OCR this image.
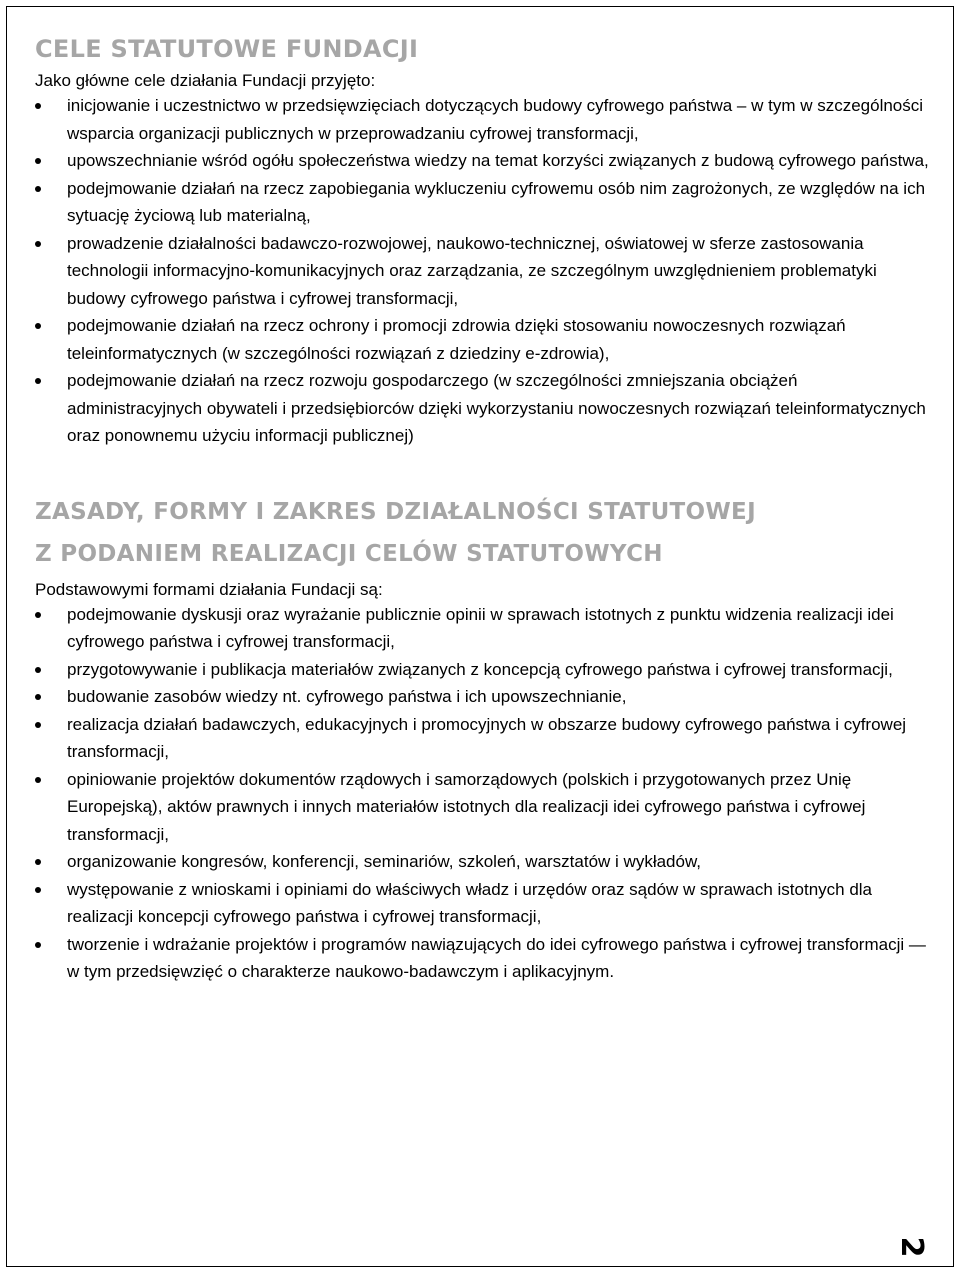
CELE STATUTOWE FUNDACJI

Jako główne cele działania Fundacji przyjęto:

inicjowanie i uczestnictwo w przedsięwzięciach dotyczących budowy cyfrowego państwa – w tym w szczególności wsparcia organizacji publicznych w przeprowadzaniu cyfrowej transformacji,
upowszechnianie wśród ogółu społeczeństwa wiedzy na temat korzyści związanych z budową cyfrowego państwa,
podejmowanie działań na rzecz zapobiegania wykluczeniu cyfrowemu osób nim zagrożonych, ze względów na ich sytuację życiową lub materialną,
prowadzenie działalności badawczo-rozwojowej, naukowo-technicznej, oświatowej w sferze zastosowania technologii informacyjno-komunikacyjnych oraz zarządzania, ze szczególnym uwzględnieniem problematyki budowy cyfrowego państwa i cyfrowej transformacji,
podejmowanie działań na rzecz ochrony i promocji zdrowia dzięki stosowaniu nowoczesnych rozwiązań teleinformatycznych (w szczególności rozwiązań z dziedziny e-zdrowia),
podejmowanie działań na rzecz rozwoju gospodarczego (w szczególności zmniejszania obciążeń administracyjnych obywateli i przedsiębiorców dzięki wykorzystaniu nowoczesnych rozwiązań teleinformatycznych oraz ponownemu użyciu informacji publicznej)
ZASADY, FORMY I ZAKRES DZIAŁALNOŚCI STATUTOWEJ
Z PODANIEM REALIZACJI CELÓW STATUTOWYCH

Podstawowymi formami działania Fundacji są:

podejmowanie dyskusji oraz wyrażanie publicznie opinii w sprawach istotnych z punktu widzenia realizacji idei cyfrowego państwa i cyfrowej transformacji,
przygotowywanie i publikacja materiałów związanych z koncepcją cyfrowego państwa i cyfrowej transformacji,
budowanie zasobów wiedzy nt. cyfrowego państwa i ich upowszechnianie,
realizacja działań badawczych, edukacyjnych i promocyjnych w obszarze budowy cyfrowego państwa i cyfrowej transformacji,
opiniowanie projektów dokumentów rządowych i samorządowych (polskich i przygotowanych przez Unię Europejską), aktów prawnych i innych materiałów istotnych dla realizacji idei cyfrowego państwa i cyfrowej transformacji,
organizowanie kongresów, konferencji, seminariów, szkoleń, warsztatów i wykładów,
występowanie z wnioskami i opiniami do właściwych władz i urzędów oraz sądów w sprawach istotnych dla realizacji koncepcji cyfrowego państwa i cyfrowej transformacji,
tworzenie i wdrażanie projektów i programów nawiązujących do idei cyfrowego państwa i cyfrowej transformacji — w tym przedsięwzięć o charakterze naukowo-badawczym i aplikacyjnym.
2
